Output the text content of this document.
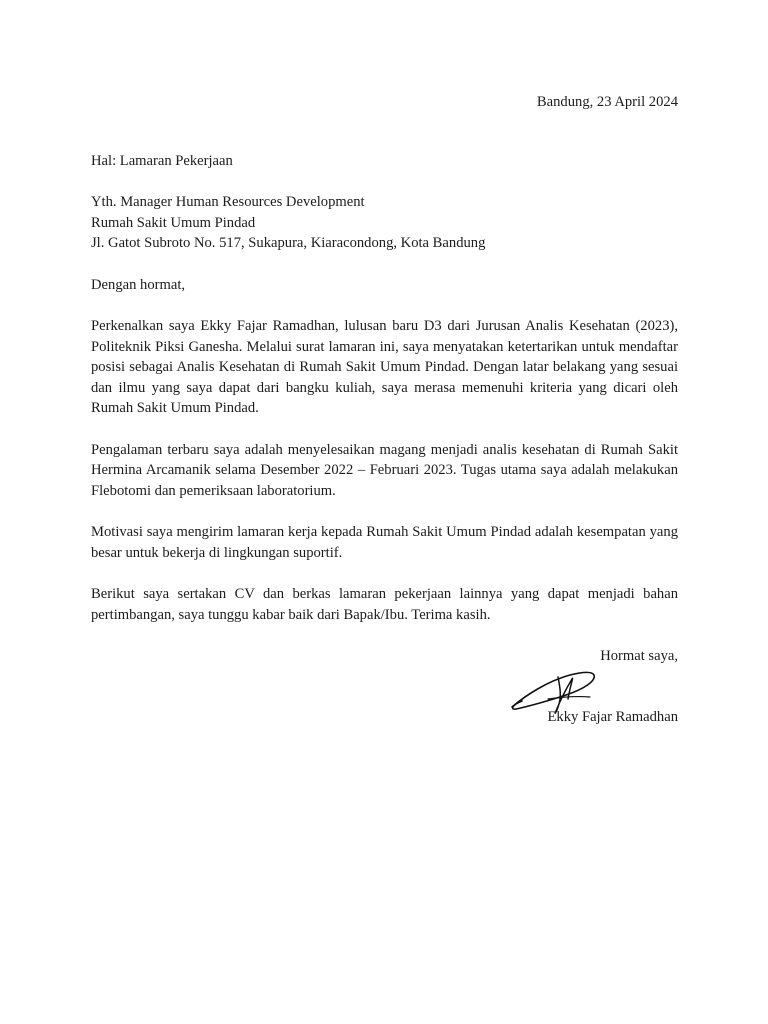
Bandung, 23 April 2024
Hal: Lamaran Pekerjaan
Yth. Manager Human Resources Development
Rumah Sakit Umum Pindad
Jl. Gatot Subroto No. 517, Sukapura, Kiaracondong, Kota Bandung
Dengan hormat,

Perkenalkan saya Ekky Fajar Ramadhan, lulusan baru D3 dari Jurusan Analis Kesehatan (2023), Politeknik Piksi Ganesha. Melalui surat lamaran ini, saya menyatakan ketertarikan untuk mendaftar posisi sebagai Analis Kesehatan di Rumah Sakit Umum Pindad. Dengan latar belakang yang sesuai dan ilmu yang saya dapat dari bangku kuliah, saya merasa memenuhi kriteria yang dicari oleh Rumah Sakit Umum Pindad.

Pengalaman terbaru saya adalah menyelesaikan magang menjadi analis kesehatan di Rumah Sakit Hermina Arcamanik selama Desember 2022 – Februari 2023. Tugas utama saya adalah melakukan Flebotomi dan pemeriksaan laboratorium.

Motivasi saya mengirim lamaran kerja kepada Rumah Sakit Umum Pindad adalah kesempatan yang besar untuk bekerja di lingkungan suportif.

Berikut saya sertakan CV dan berkas lamaran pekerjaan lainnya yang dapat menjadi bahan pertimbangan, saya tunggu kabar baik dari Bapak/Ibu. Terima kasih.

Hormat saya,
Ekky Fajar Ramadhan
